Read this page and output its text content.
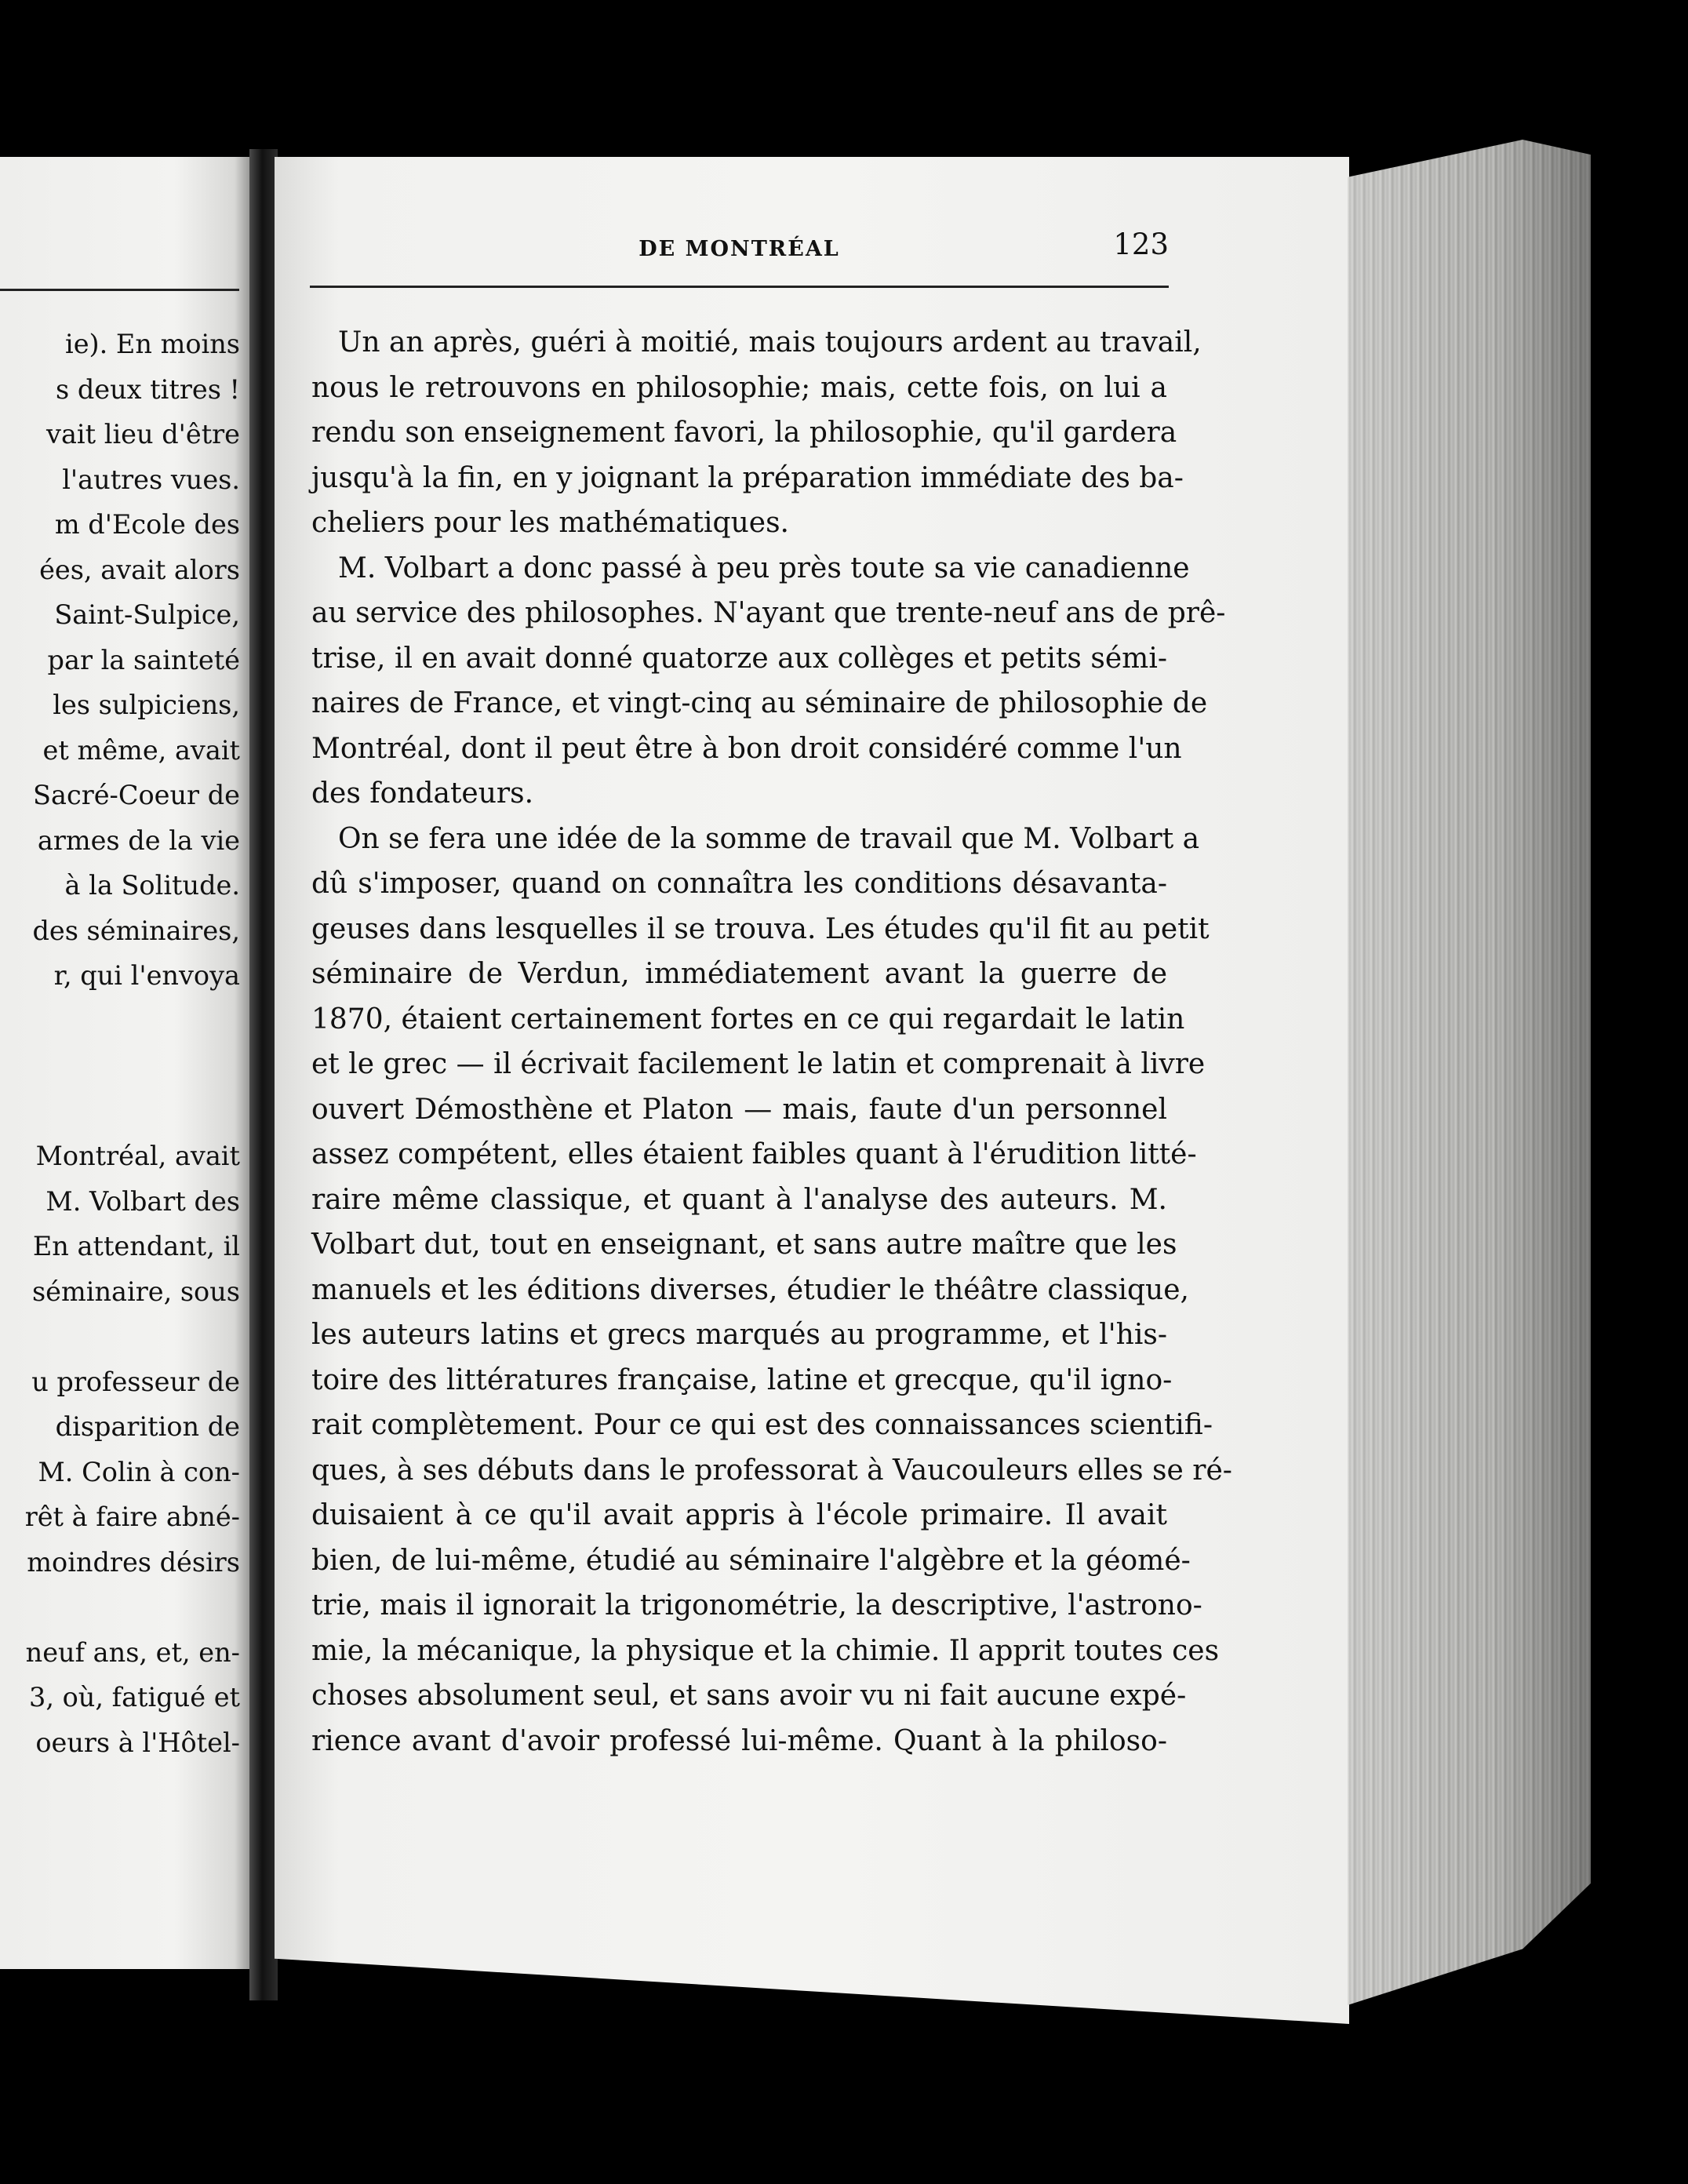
ie). En moins
s deux titres !
vait lieu d'être
l'autres vues.
m d'Ecole des
ées, avait alors
Saint-Sulpice,
par la sainteté
les sulpiciens,
et même, avait
Sacré-Coeur de
armes de la vie
à la Solitude.
des séminaires,
r, qui l'envoya
Montréal, avait
M. Volbart des
En attendant, il
séminaire, sous
u professeur de
disparition de
M. Colin à con-
rêt à faire abné-
moindres désirs
neuf ans, et, en-
3, où, fatigué et
oeurs à l'Hôtel-
DE MONTRÉAL	123
Un an après, guéri à moitié, mais toujours ardent au travail,
nous le retrouvons en philosophie; mais, cette fois, on lui a
rendu son enseignement favori, la philosophie, qu'il gardera
jusqu'à la fin, en y joignant la préparation immédiate des ba-
cheliers pour les mathématiques.
M. Volbart a donc passé à peu près toute sa vie canadienne
au service des philosophes. N'ayant que trente-neuf ans de prê-
trise, il en avait donné quatorze aux collèges et petits sémi-
naires de France, et vingt-cinq au séminaire de philosophie de
Montréal, dont il peut être à bon droit considéré comme l'un
des fondateurs.
On se fera une idée de la somme de travail que M. Volbart a
dû s'imposer, quand on connaîtra les conditions désavanta-
geuses dans lesquelles il se trouva. Les études qu'il fit au petit
séminaire de Verdun, immédiatement avant la guerre de
1870, étaient certainement fortes en ce qui regardait le latin
et le grec — il écrivait facilement le latin et comprenait à livre
ouvert Démosthène et Platon — mais, faute d'un personnel
assez compétent, elles étaient faibles quant à l'érudition litté-
raire même classique, et quant à l'analyse des auteurs. M.
Volbart dut, tout en enseignant, et sans autre maître que les
manuels et les éditions diverses, étudier le théâtre classique,
les auteurs latins et grecs marqués au programme, et l'his-
toire des littératures française, latine et grecque, qu'il igno-
rait complètement. Pour ce qui est des connaissances scientifi-
ques, à ses débuts dans le professorat à Vaucouleurs elles se ré-
duisaient à ce qu'il avait appris à l'école primaire. Il avait
bien, de lui-même, étudié au séminaire l'algèbre et la géomé-
trie, mais il ignorait la trigonométrie, la descriptive, l'astrono-
mie, la mécanique, la physique et la chimie. Il apprit toutes ces
choses absolument seul, et sans avoir vu ni fait aucune expé-
rience avant d'avoir professé lui-même. Quant à la philoso-
